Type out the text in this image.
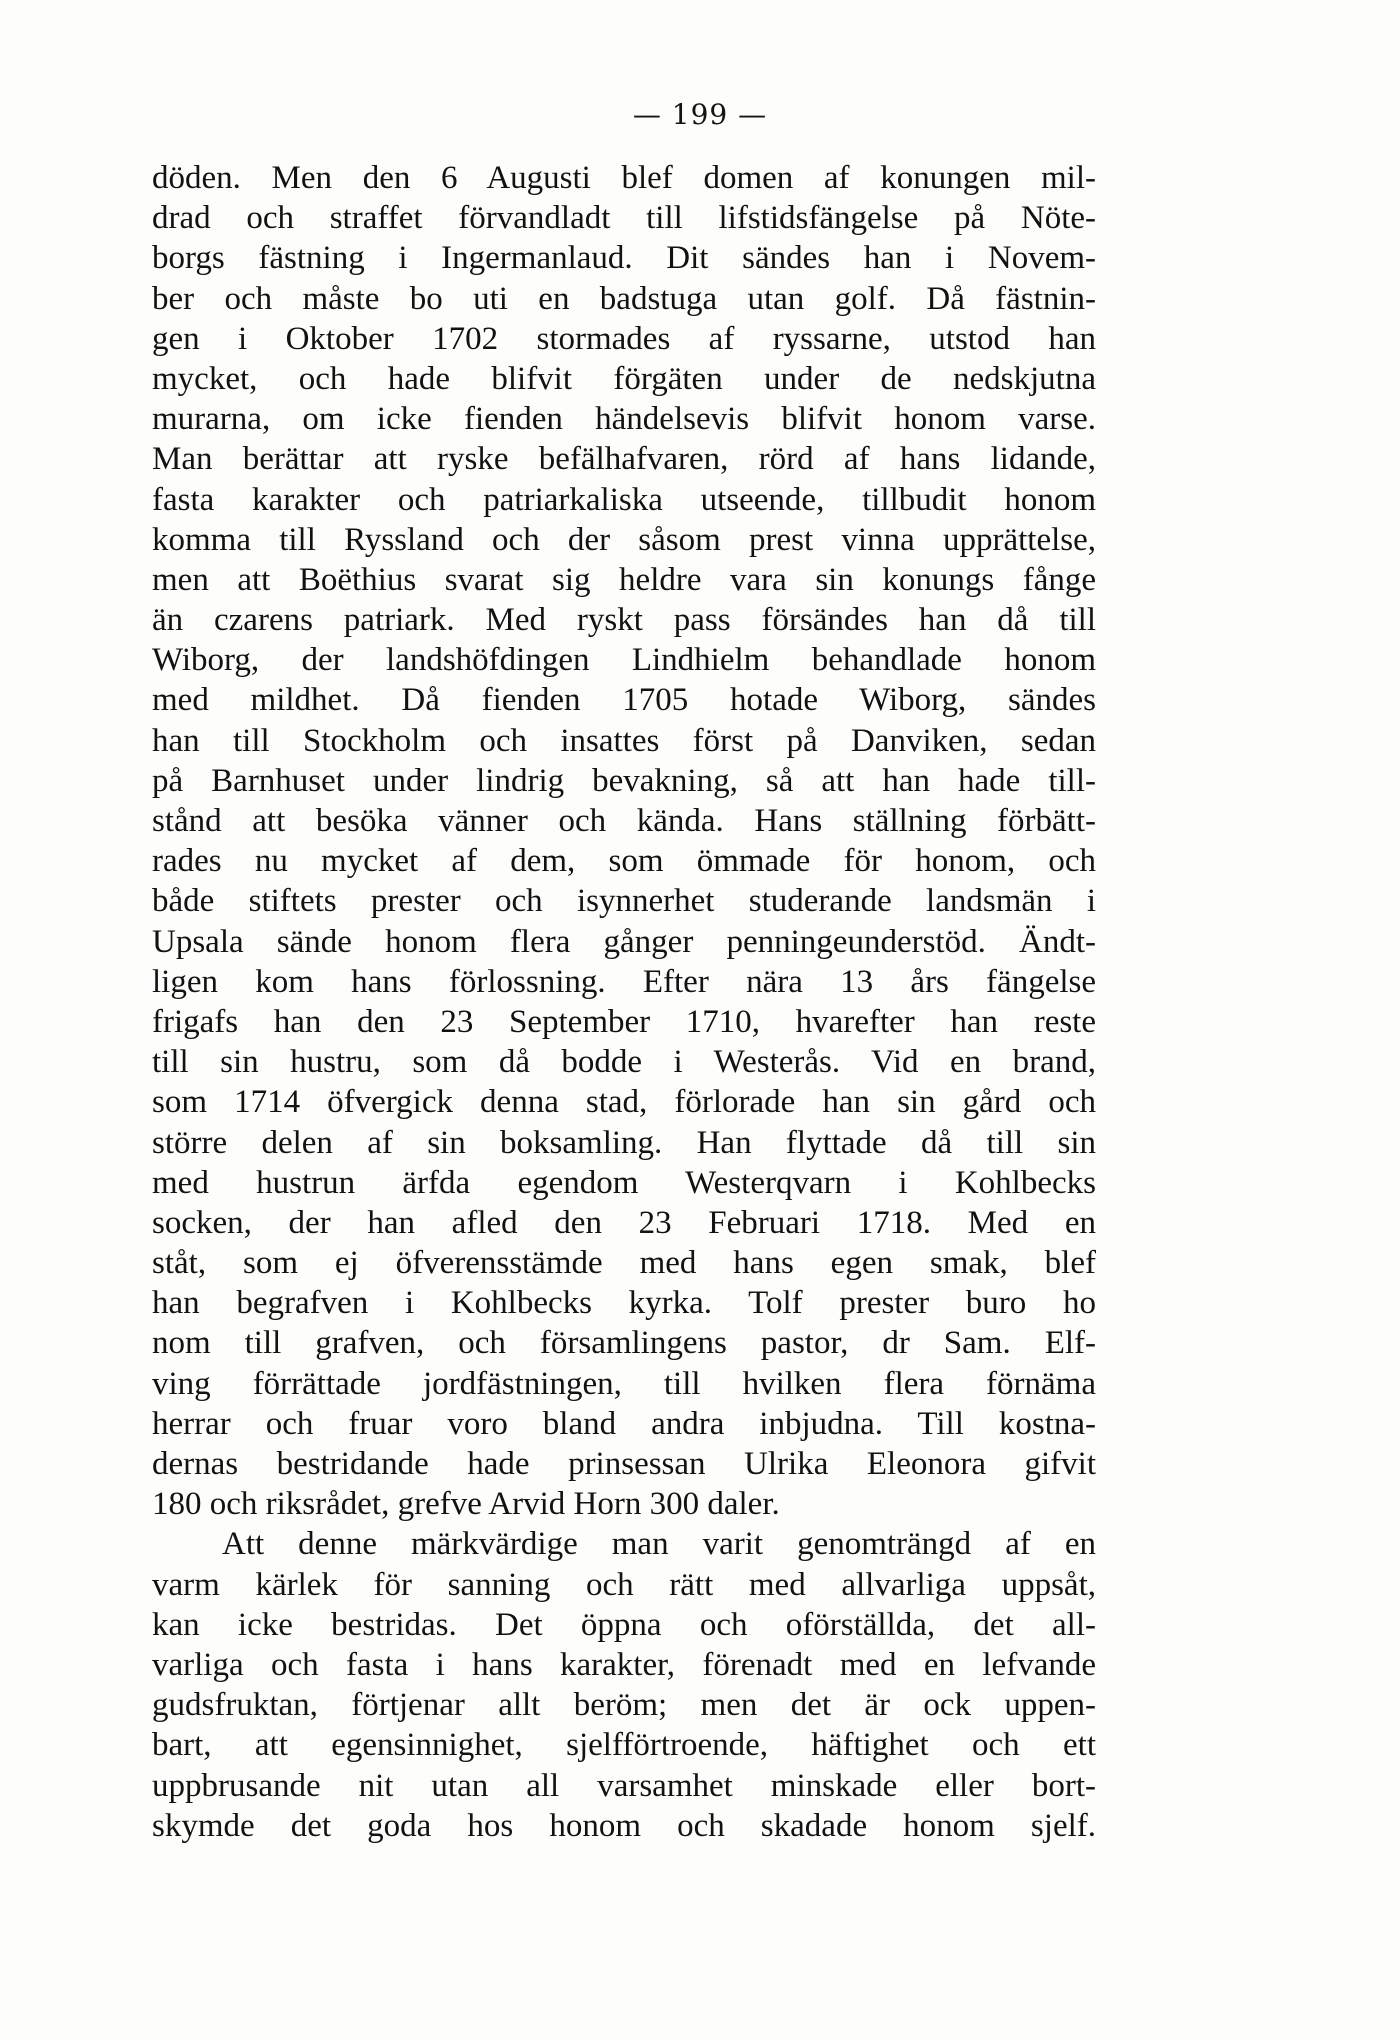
— 199 —
döden. Men den 6 Augusti blef domen af konungen mil-
drad och straffet förvandladt till lifstidsfängelse på Nöte-
borgs fästning i Ingermanlaud. Dit sändes han i Novem-
ber och måste bo uti en badstuga utan golf. Då fästnin-
gen i Oktober 1702 stormades af ryssarne, utstod han
mycket, och hade blifvit förgäten under de nedskjutna
murarna, om icke fienden händelsevis blifvit honom varse.
Man berättar att ryske befälhafvaren, rörd af hans lidande,
fasta karakter och patriarkaliska utseende, tillbudit honom
komma till Ryssland och der såsom prest vinna upprättelse,
men att Boëthius svarat sig heldre vara sin konungs fånge
än czarens patriark. Med ryskt pass försändes han då till
Wiborg, der landshöfdingen Lindhielm behandlade honom
med mildhet. Då fienden 1705 hotade Wiborg, sändes
han till Stockholm och insattes först på Danviken, sedan
på Barnhuset under lindrig bevakning, så att han hade till-
stånd att besöka vänner och kända. Hans ställning förbätt-
rades nu mycket af dem, som ömmade för honom, och
både stiftets prester och isynnerhet studerande landsmän i
Upsala sände honom flera gånger penningeunderstöd. Ändt-
ligen kom hans förlossning. Efter nära 13 års fängelse
frigafs han den 23 September 1710, hvarefter han reste
till sin hustru, som då bodde i Westerås. Vid en brand,
som 1714 öfvergick denna stad, förlorade han sin gård och
större delen af sin boksamling. Han flyttade då till sin
med hustrun ärfda egendom Westerqvarn i Kohlbecks
socken, der han afled den 23 Februari 1718. Med en
ståt, som ej öfverensstämde med hans egen smak, blef
han begrafven i Kohlbecks kyrka. Tolf prester buro ho
nom till grafven, och församlingens pastor, dr Sam. Elf-
ving förrättade jordfästningen, till hvilken flera förnäma
herrar och fruar voro bland andra inbjudna. Till kostna-
dernas bestridande hade prinsessan Ulrika Eleonora gifvit
180 och riksrådet, grefve Arvid Horn 300 daler.
Att denne märkvärdige man varit genomträngd af en
varm kärlek för sanning och rätt med allvarliga uppsåt,
kan icke bestridas. Det öppna och oförställda, det all-
varliga och fasta i hans karakter, förenadt med en lefvande
gudsfruktan, förtjenar allt beröm; men det är ock uppen-
bart, att egensinnighet, sjelfförtroende, häftighet och ett
uppbrusande nit utan all varsamhet minskade eller bort-
skymde det goda hos honom och skadade honom sjelf.
